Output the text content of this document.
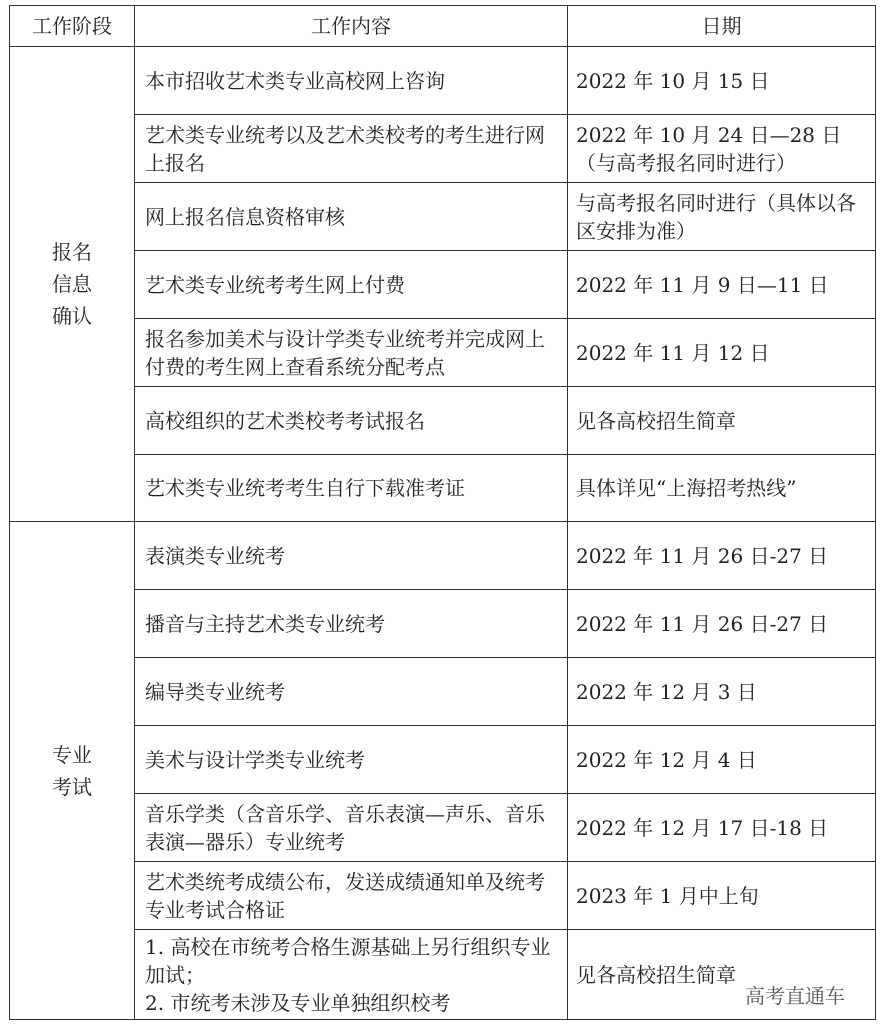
工作阶段	工作内容	日期
报名
信息
确认	本市招收艺术类专业高校网上咨询	2022 年 10 月 15 日
	艺术类专业统考以及艺术类校考的考生进行网上报名	2022 年 10 月 24 日—28 日（与高考报名同时进行）
	网上报名信息资格审核	与高考报名同时进行（具体以各区安排为准）
	艺术类专业统考考生网上付费	2022 年 11 月 9 日—11 日
	报名参加美术与设计学类专业统考并完成网上付费的考生网上查看系统分配考点	2022 年 11 月 12 日
	高校组织的艺术类校考考试报名	见各高校招生简章
	艺术类专业统考考生自行下载准考证	具体详见“上海招考热线”
专业
考试	表演类专业统考	2022 年 11 月 26 日-27 日
	播音与主持艺术类专业统考	2022 年 11 月 26 日-27 日
	编导类专业统考	2022 年 12 月 3 日
	美术与设计学类专业统考	2022 年 12 月 4 日
	音乐学类（含音乐学、音乐表演—声乐、音乐表演—器乐）专业统考	2022 年 12 月 17 日-18 日
	艺术类统考成绩公布，发送成绩通知单及统考专业考试合格证	2023 年 1 月中上旬
	1. 高校在市统考合格生源基础上另行组织专业加试；
2. 市统考未涉及专业单独组织校考	见各高校招生简章
高考直通车
